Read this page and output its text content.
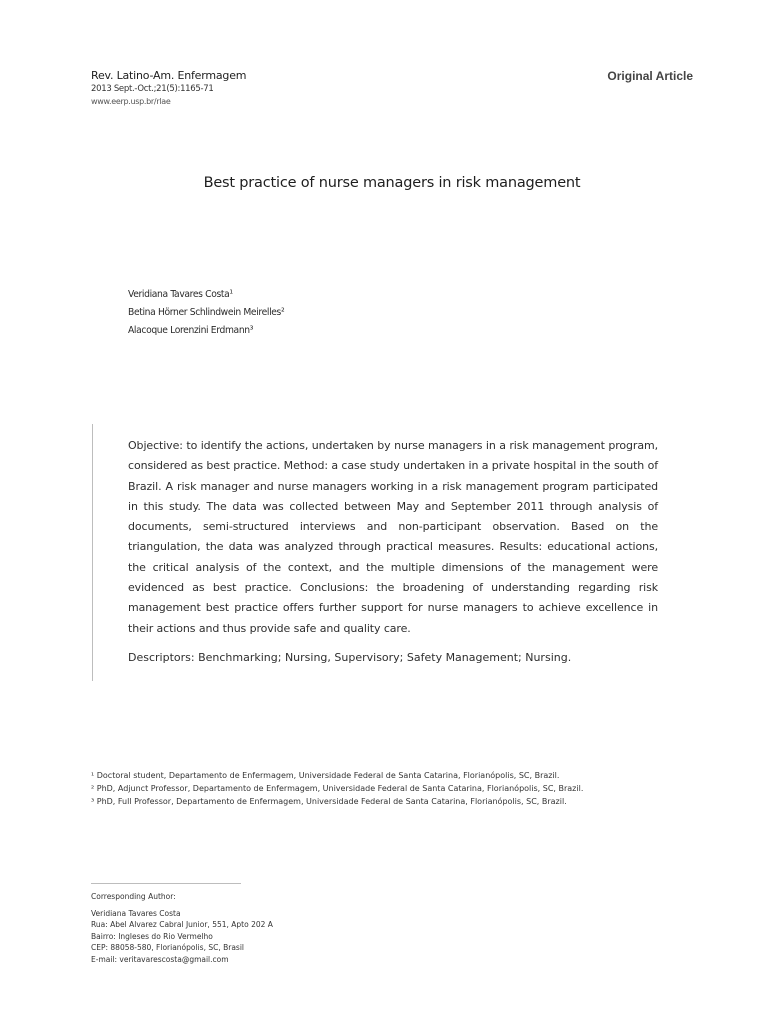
Rev. Latino-Am. Enfermagem
2013 Sept.-Oct.;21(5):1165-71
www.eerp.usp.br/rlae
Original Article
Best practice of nurse managers in risk management
Veridiana Tavares Costa¹
Betina Hörner Schlindwein Meirelles²
Alacoque Lorenzini Erdmann³

Objective: to identify the actions, undertaken by nurse managers in a risk management program, considered as best practice. Method: a case study undertaken in a private hospital in the south of Brazil. A risk manager and nurse managers working in a risk management program participated in this study. The data was collected between May and September 2011 through analysis of documents, semi-structured interviews and non-participant observation. Based on the triangulation, the data was analyzed through practical measures. Results: educational actions, the critical analysis of the context, and the multiple dimensions of the management were evidenced as best practice. Conclusions: the broadening of understanding regarding risk management best practice offers further support for nurse managers to achieve excellence in their actions and thus provide safe and quality care.

Descriptors: Benchmarking; Nursing, Supervisory; Safety Management; Nursing.
¹ Doctoral student, Departamento de Enfermagem, Universidade Federal de Santa Catarina, Florianópolis, SC, Brazil.
² PhD, Adjunct Professor, Departamento de Enfermagem, Universidade Federal de Santa Catarina, Florianópolis, SC, Brazil.
³ PhD, Full Professor, Departamento de Enfermagem, Universidade Federal de Santa Catarina, Florianópolis, SC, Brazil.
Corresponding Author:
Veridiana Tavares Costa
Rua: Abel Alvarez Cabral Junior, 551, Apto 202 A
Bairro: Ingleses do Rio Vermelho
CEP: 88058-580, Florianópolis, SC, Brasil
E-mail: veritavarescosta@gmail.com
